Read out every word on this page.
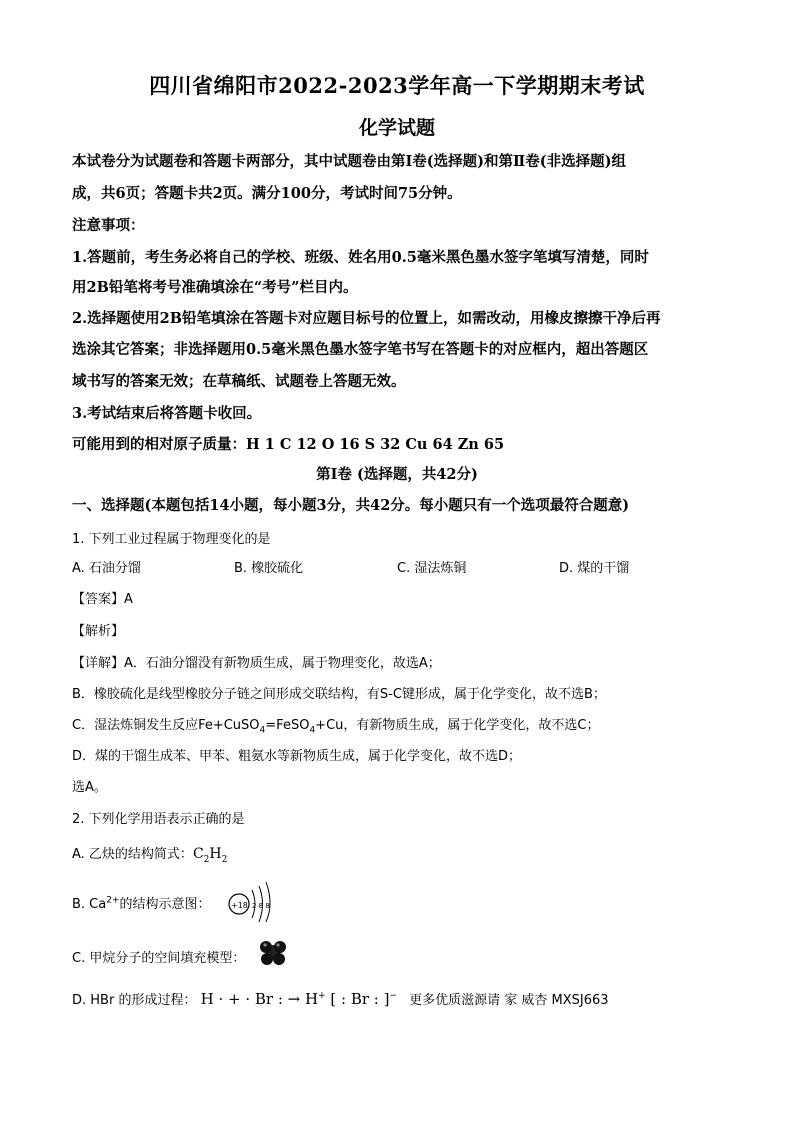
四川省绵阳市2022-2023学年高一下学期期末考试
化学试题
本试卷分为试题卷和答题卡两部分，其中试题卷由第Ⅰ卷(选择题)和第Ⅱ卷(非选择题)组
成，共6页；答题卡共2页。满分100分，考试时间75分钟。
注意事项：
1.答题前，考生务必将自己的学校、班级、姓名用0.5毫米黑色墨水签字笔填写清楚，同时
用2B铅笔将考号准确填涂在“考号”栏目内。
2.选择题使用2B铅笔填涂在答题卡对应题目标号的位置上，如需改动，用橡皮擦擦干净后再
选涂其它答案；非选择题用0.5毫米黑色墨水签字笔书写在答题卡的对应框内，超出答题区
域书写的答案无效；在草稿纸、试题卷上答题无效。
3.考试结束后将答题卡收回。
可能用到的相对原子质量：H 1 C 12 O 16 S 32 Cu 64 Zn 65
第Ⅰ卷 (选择题，共42分)
一、选择题(本题包括14小题，每小题3分，共42分。每小题只有一个选项最符合题意)
1. 下列工业过程属于物理变化的是
A. 石油分馏	B. 橡胶硫化	C. 湿法炼铜	D. 煤的干馏
【答案】A
【解析】
【详解】A．石油分馏没有新物质生成，属于物理变化，故选A；
B．橡胶硫化是线型橡胶分子链之间形成交联结构，有S-C键形成，属于化学变化，故不选B；
C．湿法炼铜发生反应Fe+CuSO$_4$=FeSO$_4$+Cu，有新物质生成，属于化学变化，故不选C；
D．煤的干馏生成苯、甲苯、粗氨水等新物质生成，属于化学变化，故不选D；
选A。
2. 下列化学用语表示正确的是
A. 乙炔的结构简式：$C_2H_2$
B. $Ca^{2+}$的结构示意图：	+18 2 8 8
C. 甲烷分子的空间填充模型：
D. HBr 的形成过程： H · + · Br : → H+ [ : Br : ]− 更多优质滋源请 家 威杏 MXSJ663
